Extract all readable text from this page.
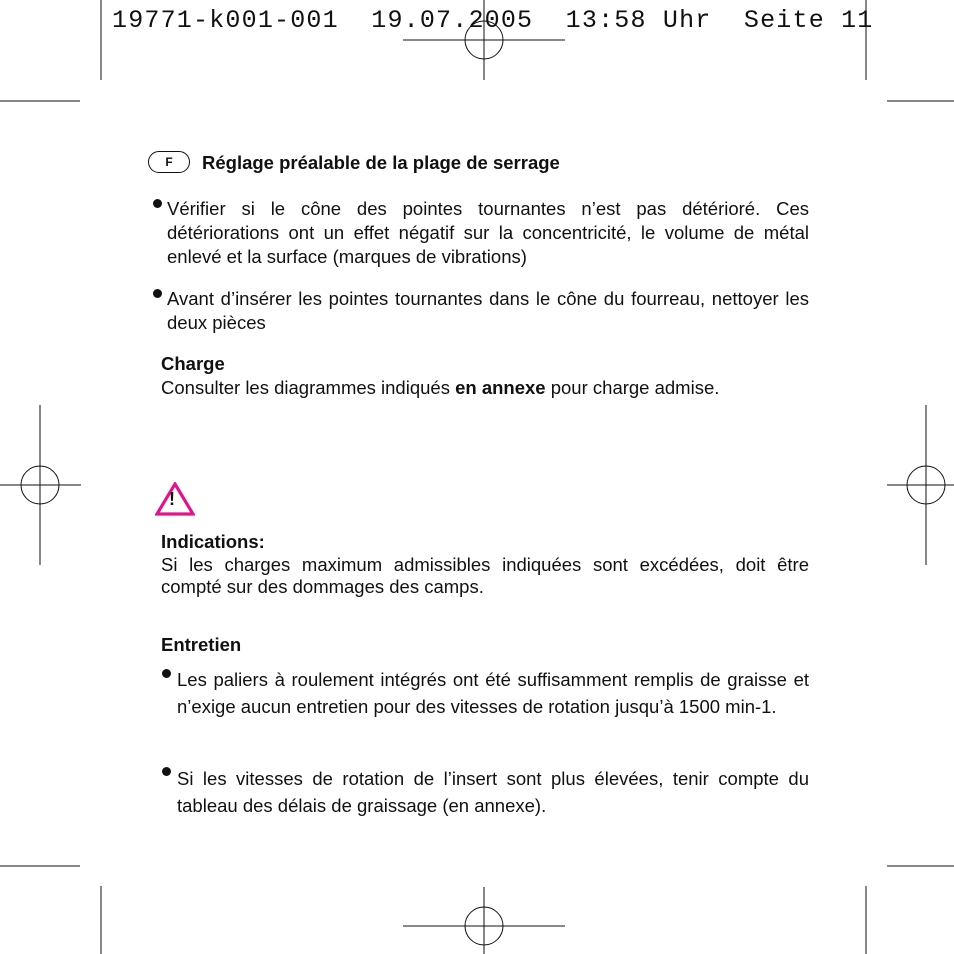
19771-k001-001  19.07.2005  13:58 Uhr  Seite 11
F	Réglage préalable de la plage de serrage
Vérifier si le cône des pointes tournantes n’est pas détérioré. Ces détériorations ont un effet négatif sur la concentricité, le volume de métal enlevé et la surface (marques de vibrations)
Avant d’insérer les pointes tournantes dans le cône du fourreau, nettoyer les deux pièces
Charge
Consulter les diagrammes indiqués en annexe pour charge admise.
!
Indications:
Si les charges maximum admissibles indiquées sont excédées, doit être compté sur des dommages des camps.
Entretien
Les paliers à roulement intégrés ont été suffisamment remplis de graisse et n’exige aucun entretien pour des vitesses de rotation jusqu’à 1500 min-1.
Si les vitesses de rotation de l’insert sont plus élevées, tenir compte du tableau des délais de graissage (en annexe).
